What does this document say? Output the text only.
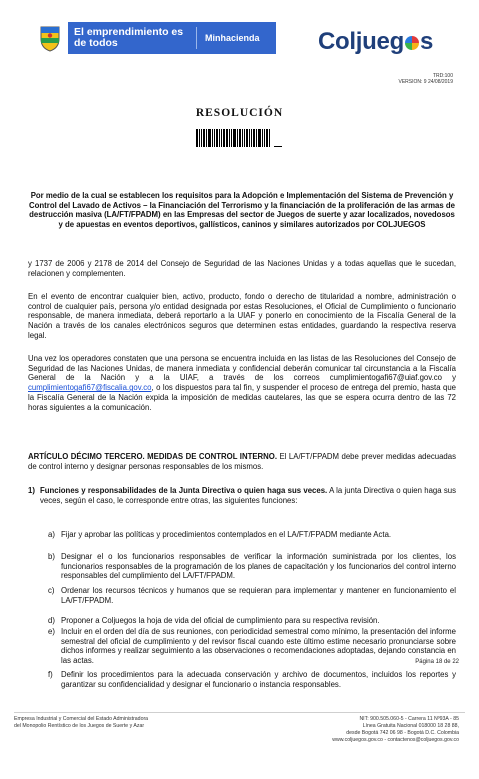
El emprendimiento es de todos	Minhacienda Coljueg s
TRD:100
VERSION: 9 24/08/2019
RESOLUCIÓN
Por medio de la cual se establecen los requisitos para la Adopción e Implementación del Sistema de Prevención y Control del Lavado de Activos – la Financiación del Terrorismo y la financiación de la proliferación de las armas de destrucción masiva (LA/FT/FPADM) en las Empresas del sector de Juegos de suerte y azar localizados, novedosos y de apuestas en eventos deportivos, gallísticos, caninos y similares autorizados por COLJUEGOS
y 1737 de 2006 y 2178 de 2014 del Consejo de Seguridad de las Naciones Unidas y a todas aquellas que le sucedan, relacionen y complementen.
En el evento de encontrar cualquier bien, activo, producto, fondo o derecho de titularidad a nombre, administración o control de cualquier país, persona y/o entidad designada por estas Resoluciones, el Oficial de Cumplimiento o funcionario responsable, de manera inmediata, deberá reportarlo a la UIAF y ponerlo en conocimiento de la Fiscalía General de la Nación a través de los canales electrónicos seguros que determinen estas entidades, guardando la respectiva reserva legal.
Una vez los operadores constaten que una persona se encuentra incluida en las listas de las Resoluciones del Consejo de Seguridad de las Naciones Unidas, de manera inmediata y confidencial deberán comunicar tal circunstancia a la Fiscalía General de la Nación y a la UIAF, a través de los correos cumplimientogafi67@uiaf.gov.co y cumplimientogafi67@fiscalia.gov.co, o los dispuestos para tal fin, y suspender el proceso de entrega del premio, hasta que la Fiscalía General de la Nación expida la imposición de medidas cautelares, las que se espera ocurra dentro de las 72 horas siguientes a la comunicación.
ARTÍCULO DÉCIMO TERCERO. MEDIDAS DE CONTROL INTERNO. El LA/FT/FPADM debe prever medidas adecuadas de control interno y designar personas responsables de los mismos.
1) Funciones y responsabilidades de la Junta Directiva o quien haga sus veces. A la junta Directiva o quien haga sus veces, según el caso, le corresponde entre otras, las siguientes funciones:
a) Fijar y aprobar las políticas y procedimientos contemplados en el LA/FT/FPADM mediante Acta.
b) Designar el o los funcionarios responsables de verificar la información suministrada por los clientes, los funcionarios responsables de la programación de los planes de capacitación y los funcionarios del control interno responsables del cumplimiento del LA/FT/FPADM.
c) Ordenar los recursos técnicos y humanos que se requieran para implementar y mantener en funcionamiento el LA/FT/FPADM.
d) Proponer a Coljuegos la hoja de vida del oficial de cumplimiento para su respectiva revisión.
e) Incluir en el orden del día de sus reuniones, con periodicidad semestral como mínimo, la presentación del informe semestral del oficial de cumplimiento y del revisor fiscal cuando este último estime necesario pronunciarse sobre dichos informes y realizar seguimiento a las observaciones o recomendaciones adoptadas, dejando constancia en las actas.
f) Definir los procedimientos para la adecuada conservación y archivo de documentos, incluidos los reportes y garantizar su confidencialidad y designar el funcionario o instancia responsables.
Página 18 de 22
Empresa Industrial y Comercial del Estado Administradora
del Monopolio Rentístico de los Juegos de Suerte y Azar
NIT: 900.505.060-5 - Carrera 11 Nº93A - 85
Línea Gratuita Nacional 018000 18 28 88,
desde Bogotá 742 06 98 - Bogotá D.C. Colombia
www.coljuegos.gov.co - contactenos@coljuegos.gov.co
